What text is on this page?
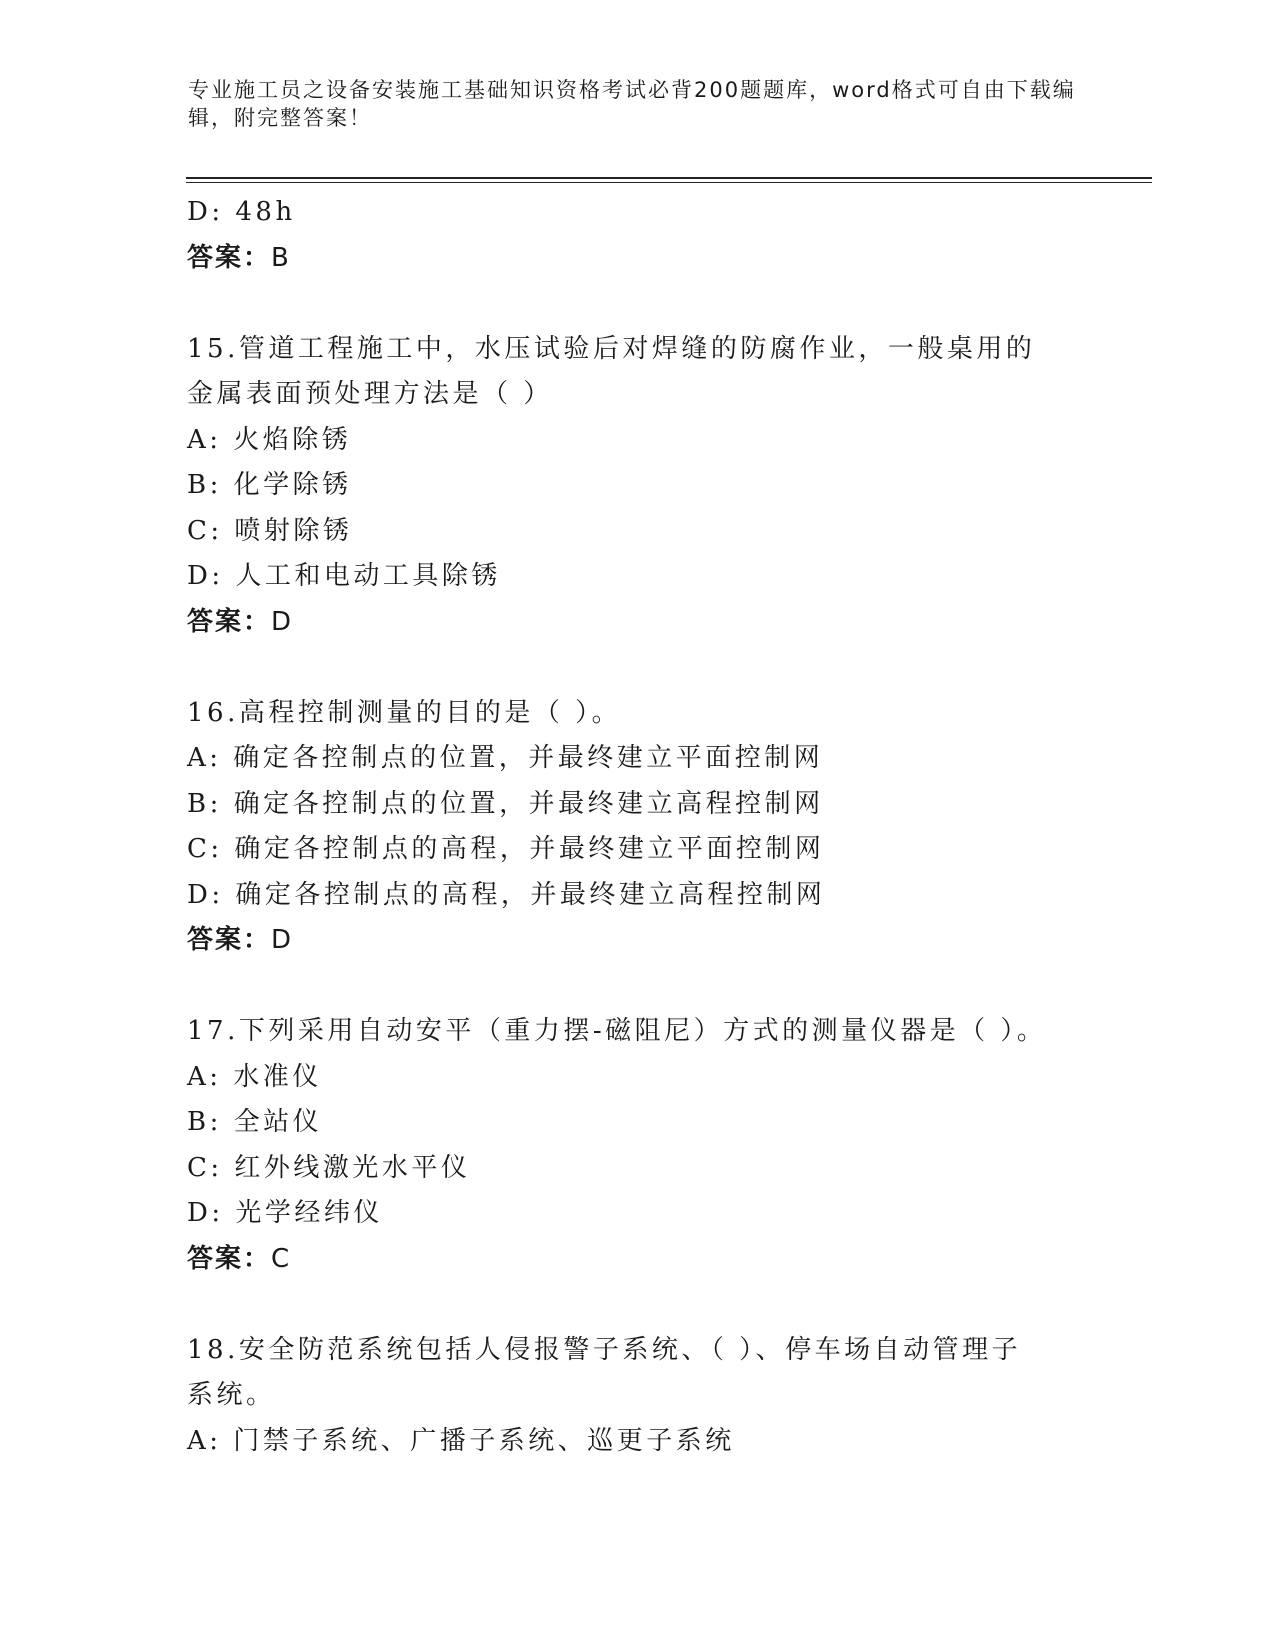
专业施工员之设备安装施工基础知识资格考试必背200题题库，word格式可自由下载编辑，附完整答案！
D: 48h
答案：B
15.管道工程施工中，水压试验后对焊缝的防腐作业，一般桌用的金属表面预处理方法是（ ）
A: 火焰除锈
B: 化学除锈
C: 喷射除锈
D: 人工和电动工具除锈
答案：D
16.高程控制测量的目的是（ ）。
A: 确定各控制点的位置，并最终建立平面控制网
B: 确定各控制点的位置，并最终建立高程控制网
C: 确定各控制点的高程，并最终建立平面控制网
D: 确定各控制点的高程，并最终建立高程控制网
答案：D
17.下列采用自动安平（重力摆-磁阻尼）方式的测量仪器是（ ）。
A: 水准仪
B: 全站仪
C: 红外线激光水平仪
D: 光学经纬仪
答案：C
18.安全防范系统包括人侵报警子系统、（ ）、停车场自动管理子系统。
A: 门禁子系统、广播子系统、巡更子系统
